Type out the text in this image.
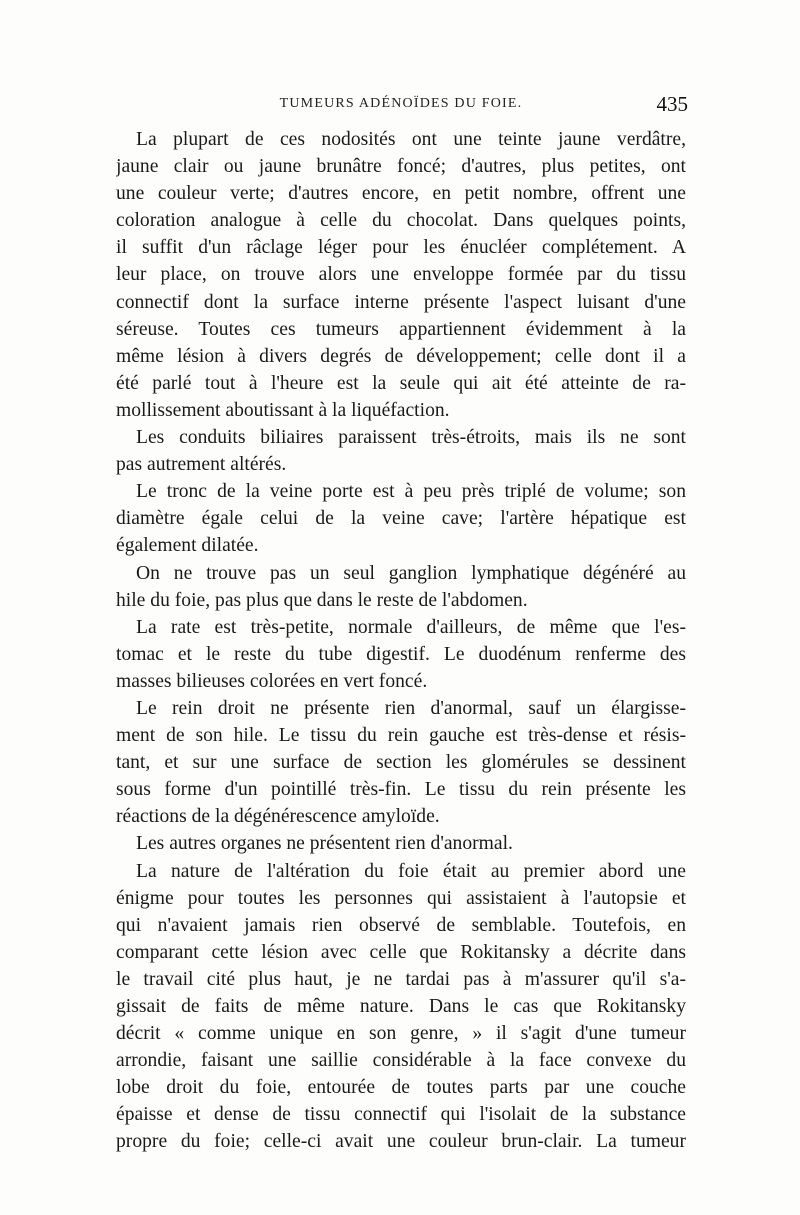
TUMEURS ADÉNOÏDES DU FOIE.	435
La plupart de ces nodosités ont une teinte jaune verdâtre,
jaune clair ou jaune brunâtre foncé; d'autres, plus petites, ont
une couleur verte; d'autres encore, en petit nombre, offrent une
coloration analogue à celle du chocolat. Dans quelques points,
il suffit d'un râclage léger pour les énucléer complétement. A
leur place, on trouve alors une enveloppe formée par du tissu
connectif dont la surface interne présente l'aspect luisant d'une
séreuse. Toutes ces tumeurs appartiennent évidemment à la
même lésion à divers degrés de développement; celle dont il a
été parlé tout à l'heure est la seule qui ait été atteinte de ra-
mollissement aboutissant à la liquéfaction.
Les conduits biliaires paraissent très-étroits, mais ils ne sont
pas autrement altérés.
Le tronc de la veine porte est à peu près triplé de volume; son
diamètre égale celui de la veine cave; l'artère hépatique est
également dilatée.
On ne trouve pas un seul ganglion lymphatique dégénéré au
hile du foie, pas plus que dans le reste de l'abdomen.
La rate est très-petite, normale d'ailleurs, de même que l'es-
tomac et le reste du tube digestif. Le duodénum renferme des
masses bilieuses colorées en vert foncé.
Le rein droit ne présente rien d'anormal, sauf un élargisse-
ment de son hile. Le tissu du rein gauche est très-dense et résis-
tant, et sur une surface de section les glomérules se dessinent
sous forme d'un pointillé très-fin. Le tissu du rein présente les
réactions de la dégénérescence amyloïde.
Les autres organes ne présentent rien d'anormal.
La nature de l'altération du foie était au premier abord une
énigme pour toutes les personnes qui assistaient à l'autopsie et
qui n'avaient jamais rien observé de semblable. Toutefois, en
comparant cette lésion avec celle que Rokitansky a décrite dans
le travail cité plus haut, je ne tardai pas à m'assurer qu'il s'a-
gissait de faits de même nature. Dans le cas que Rokitansky
décrit « comme unique en son genre, » il s'agit d'une tumeur
arrondie, faisant une saillie considérable à la face convexe du
lobe droit du foie, entourée de toutes parts par une couche
épaisse et dense de tissu connectif qui l'isolait de la substance
propre du foie; celle-ci avait une couleur brun-clair. La tumeur
